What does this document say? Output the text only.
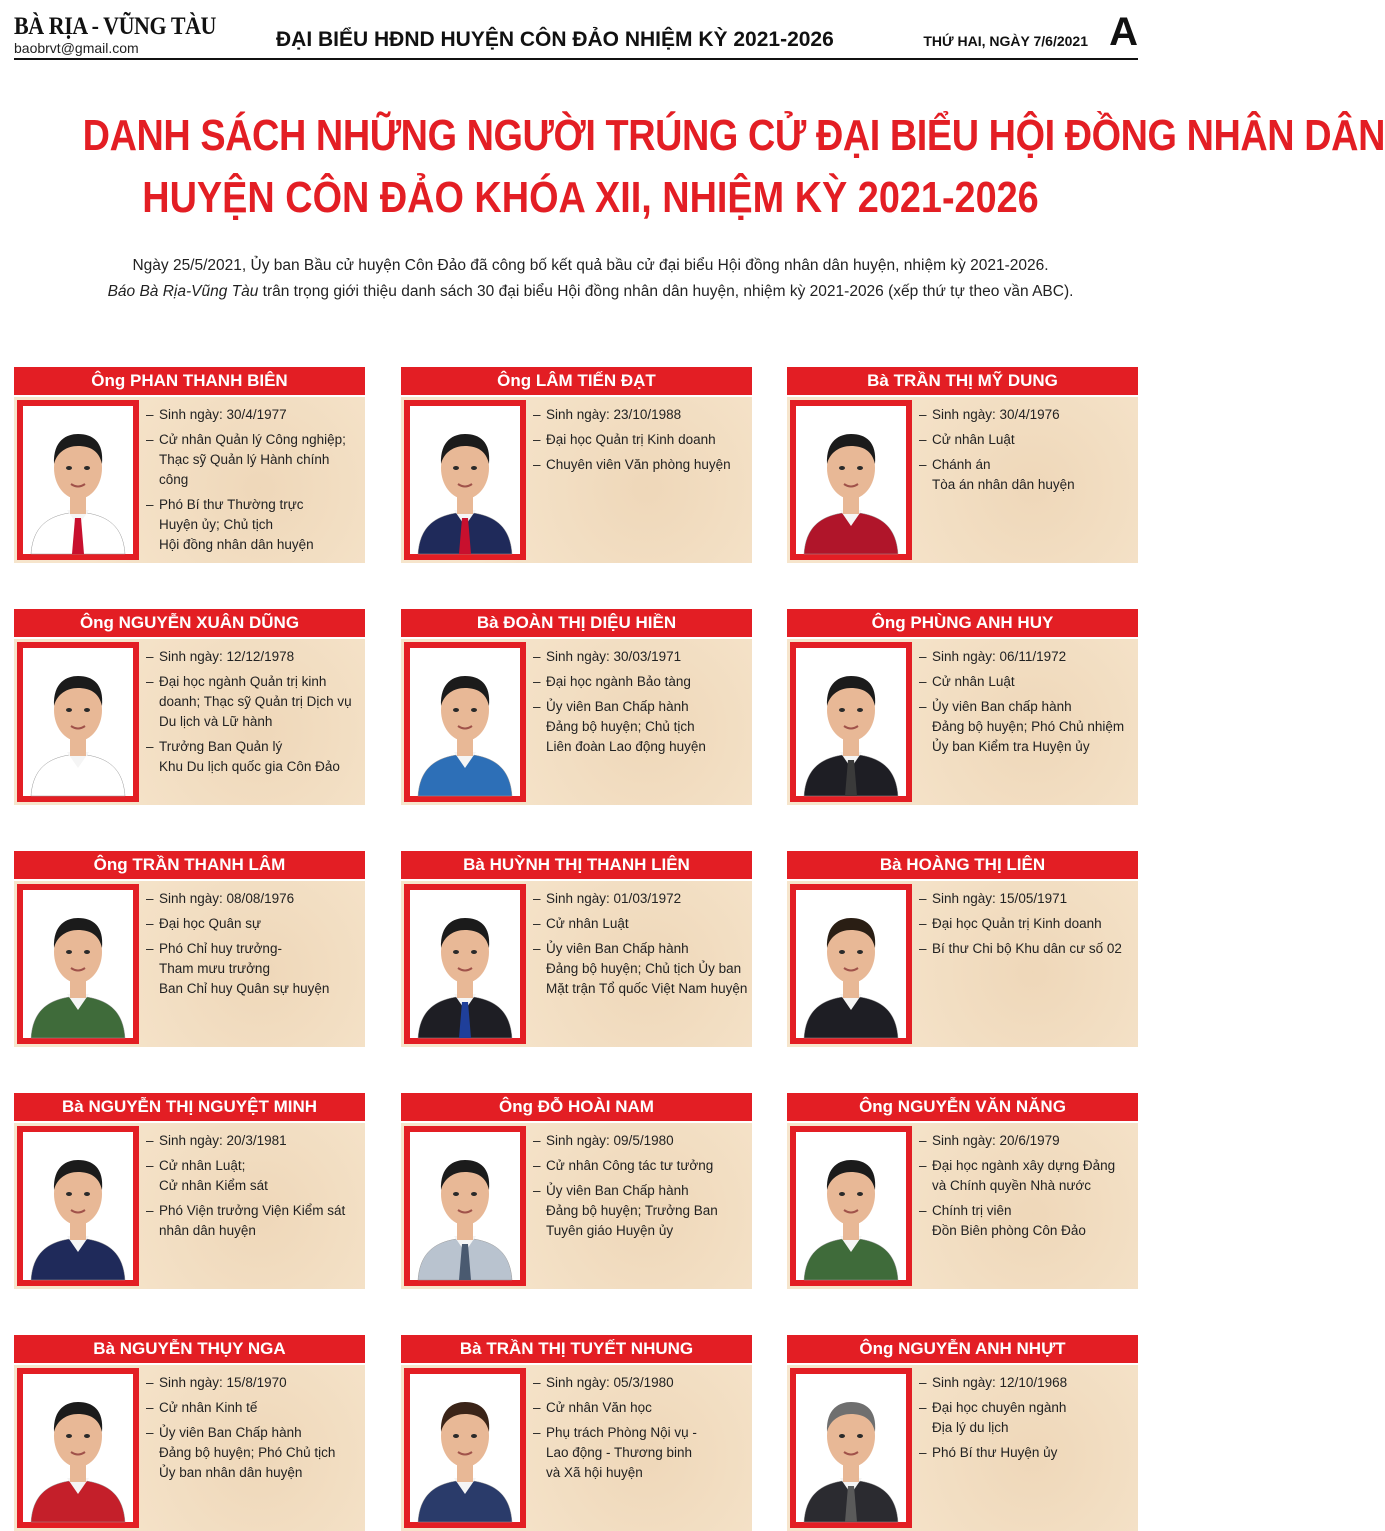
BÀ RỊA - VŨNG TÀU
baobrvt@gmail.com	ĐẠI BIỂU HĐND HUYỆN CÔN ĐẢO NHIỆM KỲ 2021-2026	THỨ HAI, NGÀY 7/6/2021 A
DANH SÁCH NHỮNG NGƯỜI TRÚNG CỬ ĐẠI BIỂU HỘI ĐỒNG NHÂN DÂN
HUYỆN CÔN ĐẢO KHÓA XII, NHIỆM KỲ 2021-2026
Ngày 25/5/2021, Ủy ban Bầu cử huyện Côn Đảo đã công bố kết quả bầu cử đại biểu Hội đồng nhân dân huyện, nhiệm kỳ 2021-2026.
Báo Bà Rịa-Vũng Tàu trân trọng giới thiệu danh sách 30 đại biểu Hội đồng nhân dân huyện, nhiệm kỳ 2021-2026 (xếp thứ tự theo vần ABC).
Ông PHAN THANH BIÊN
– Sinh ngày: 30/4/1977
– Cử nhân Quản lý Công nghiệp;
Thạc sỹ Quản lý Hành chính công
– Phó Bí thư Thường trực
Huyện ủy; Chủ tịch
Hội đồng nhân dân huyện
Ông LÂM TIẾN ĐẠT
– Sinh ngày: 23/10/1988
– Đại học Quản trị Kinh doanh
– Chuyên viên Văn phòng huyện
Bà TRẦN THỊ MỸ DUNG
– Sinh ngày: 30/4/1976
– Cử nhân Luật
– Chánh án
Tòa án nhân dân huyện
Ông NGUYỄN XUÂN DŨNG
– Sinh ngày: 12/12/1978
– Đại học ngành Quản trị kinh
doanh; Thạc sỹ Quản trị Dịch vụ
Du lịch và Lữ hành
– Trưởng Ban Quản lý
Khu Du lịch quốc gia Côn Đảo
Bà ĐOÀN THỊ DIỆU HIỀN
– Sinh ngày: 30/03/1971
– Đại học ngành Bảo tàng
– Ủy viên Ban Chấp hành
Đảng bộ huyện; Chủ tịch
Liên đoàn Lao động huyện
Ông PHÙNG ANH HUY
– Sinh ngày: 06/11/1972
– Cử nhân Luật
– Ủy viên Ban chấp hành
Đảng bộ huyện; Phó Chủ nhiệm
Ủy ban Kiểm tra Huyện ủy
Ông TRẦN THANH LÂM
– Sinh ngày: 08/08/1976
– Đại học Quân sự
– Phó Chỉ huy trưởng-
Tham mưu trưởng
Ban Chỉ huy Quân sự huyện
Bà HUỲNH THỊ THANH LIÊN
– Sinh ngày: 01/03/1972
– Cử nhân Luật
– Ủy viên Ban Chấp hành
Đảng bộ huyện; Chủ tịch Ủy ban
Mặt trận Tổ quốc Việt Nam huyện
Bà HOÀNG THỊ LIÊN
– Sinh ngày: 15/05/1971
– Đại học Quản trị Kinh doanh
– Bí thư Chi bộ Khu dân cư số 02
Bà NGUYỄN THỊ NGUYỆT MINH
– Sinh ngày: 20/3/1981
– Cử nhân Luật;
Cử nhân Kiểm sát
– Phó Viện trưởng Viện Kiểm sát
nhân dân huyện
Ông ĐỖ HOÀI NAM
– Sinh ngày: 09/5/1980
– Cử nhân Công tác tư tưởng
– Ủy viên Ban Chấp hành
Đảng bộ huyện; Trưởng Ban
Tuyên giáo Huyện ủy
Ông NGUYỄN VĂN NĂNG
– Sinh ngày: 20/6/1979
– Đại học ngành xây dựng Đảng
và Chính quyền Nhà nước
– Chính trị viên
Đồn Biên phòng Côn Đảo
Bà NGUYỄN THỤY NGA
– Sinh ngày: 15/8/1970
– Cử nhân Kinh tế
– Ủy viên Ban Chấp hành
Đảng bộ huyện; Phó Chủ tịch
Ủy ban nhân dân huyện
Bà TRẦN THỊ TUYẾT NHUNG
– Sinh ngày: 05/3/1980
– Cử nhân Văn học
– Phụ trách Phòng Nội vụ -
Lao động - Thương binh
và Xã hội huyện
Ông NGUYỄN ANH NHỰT
– Sinh ngày: 12/10/1968
– Đại học chuyên ngành
Địa lý du lịch
– Phó Bí thư Huyện ủy
